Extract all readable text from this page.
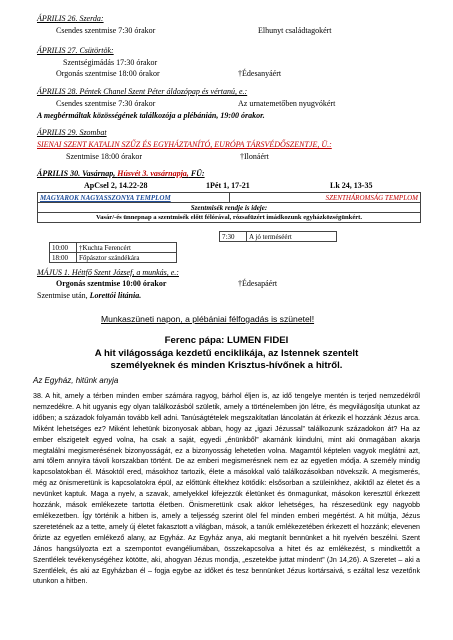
ÁPRILIS 26. Szerda:
Csendes szentmise 7:30 órakor	Elhunyt családtagokért
ÁPRILIS 27. Csütörtök:
Szentségimádás 17:30 órakor
Orgonás szentmise 18:00 órakor	†Édesanyáért
ÁPRILIS 28. Péntek Chanel Szent Péter áldozópap és vértanú, e.:
Csendes szentmise 7:30 órakor	Az urnatemetőben nyugvókért
A megbérmáltak közösségének találkozója a plébánián, 19:00 órakor.
ÁPRILIS 29. Szombat
SIENAI SZENT KATALIN SZŰZ ÉS EGYHÁZTANÍTÓ, EURÓPA TÁRSVÉDŐSZENTJE, Ü.:
Szentmise 18:00 órakor	†Ilonáért
ÁPRILIS 30. Vasárnap, Húsvét 3. vasárnapja, FÜ:
ApCsel 2, 14.22-28	1Pét 1, 17-21	Lk 24, 13-35
MAGYAROK NAGYASSZONYA TEMPLOM	SZENTHÁROMSÁG TEMPLOM
Szentmisék rendje is ideje:
Vasár/-és ünnepnap a szentmisék előtt félórával, rózsafüzért imádkozunk egyházközségünkért.
7:30	A jó terméséért
10:00	†Kuchta Ferencért
18:00	Főpásztor szándékára
MÁJUS 1. Héttfő Szent József, a munkás, e.:
Orgonás szentmise 10:00 órakor	†Édesapáért
Szentmise után, Lorettói litánia.
Munkaszüneti napon, a plébániai félfogadás is szünetel!
Ferenc pápa: LUMEN FIDEI
A hit világossága kezdetű enciklikája, az Istennek szentelt
személyeknek és minden Krisztus-hívőnek a hitről.
Az Egyház, hitünk anyja
38. A hit, amely a térben minden ember számára ragyog, bárhol éljen is, az idő tengelye mentén is terjed nemzedékről nemzedékre. A hit ugyanis egy olyan találkozásból születik, amely a történelemben jön létre, és megvilágosítja utunkat az időben; a századok folyamán tovább kell adni. Tanúságtételek megszakítatlan láncolatán át érkezik el hozzánk Jézus arca. Miként lehetséges ez? Miként lehetünk bizonyosak abban, hogy az „igazi Jézussal” találkozunk századokon át? Ha az ember elszigetelt egyed volna, ha csak a saját, egyedi „énünkből” akarnánk kiindulni, mint aki önmagában akarja megtalálni megismerésének bizonyosságát, ez a bizonyosság lehetetlen volna. Magamtól képtelen vagyok meglátni azt, ami tőlem annyira távoli korszakban történt. De az emberi megismerésnek nem ez az egyetlen módja. A személy mindig kapcsolatokban él. Másoktól ered, másokhoz tartozik, élete a másokkal való találkozásokban növekszik. A megismerés, még az önismeretünk is kapcsolatokra épül, az előttünk éltekhez kötődik: elsősorban a szüleinkhez, akiktől az életet és a nevünket kaptuk. Maga a nyelv, a szavak, amelyekkel kifejezzük életünket és önmagunkat, másokon keresztül érkezett hozzánk, mások emlékezete tartotta életben. Önismeretünk csak akkor lehetséges, ha részesedünk egy nagyobb emlékezetben. Így történik a hitben is, amely a teljesség szerint ölel fel minden emberi megértést. A hit múltja, Jézus szeretetének az a tette, amely új életet fakasztott a világban, mások, a tanúk emlékezetében érkezett el hozzánk; elevenen őrizte az egyetlen emlékező alany, az Egyház. Az Egyház anya, aki megtanít bennünket a hit nyelvén beszélni. Szent János hangsúlyozta ezt a szempontot evangéliumában, összekapcsolva a hitet és az emlékezést, s mindkettőt a Szentlélek tevékenységéhez kötötte, aki, ahogyan Jézus mondja, „eszetekbe juttat mindent” (Jn 14,26). A Szeretet – aki a Szentlélek, és aki az Egyházban él – fogja egybe az időket és tesz bennünket Jézus kortársaivá, s ezáltal lesz vezetőnk utunkon a hitben.
